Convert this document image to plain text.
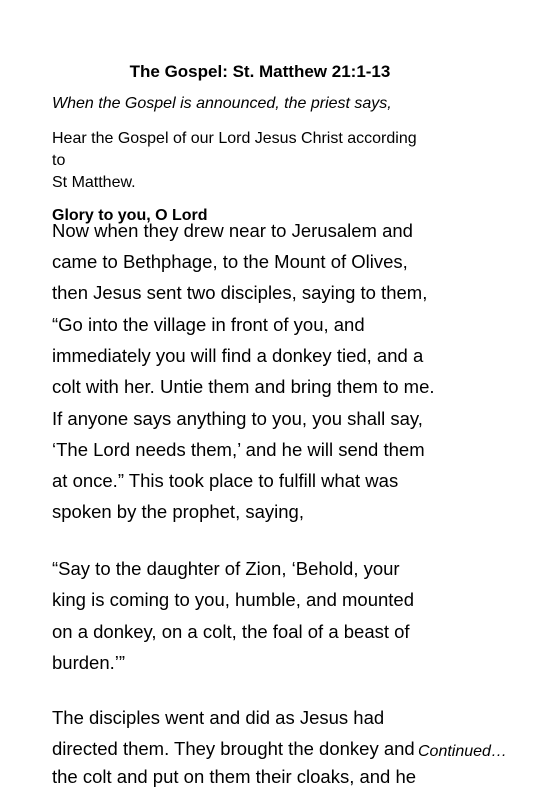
The Gospel: St. Matthew 21:1-13
When the Gospel is announced, the priest says,
Hear the Gospel of our Lord Jesus Christ according
to
St Matthew.
Glory to you, O Lord
Now when they drew near to Jerusalem and
came to Bethphage, to the Mount of Olives,
then Jesus sent two disciples, saying to them,
“Go into the village in front of you, and
immediately you will find a donkey tied, and a
colt with her. Untie them and bring them to me.
If anyone says anything to you, you shall say,
‘The Lord needs them,’ and he will send them
at once.” This took place to fulfill what was
spoken by the prophet, saying,
“Say to the daughter of Zion, ‘Behold, your
king is coming to you, humble, and mounted
on a donkey, on a colt, the foal of a beast of
burden.’”
The disciples went and did as Jesus had
directed them. They brought the donkey and
the colt and put on them their cloaks, and he
Continued…
